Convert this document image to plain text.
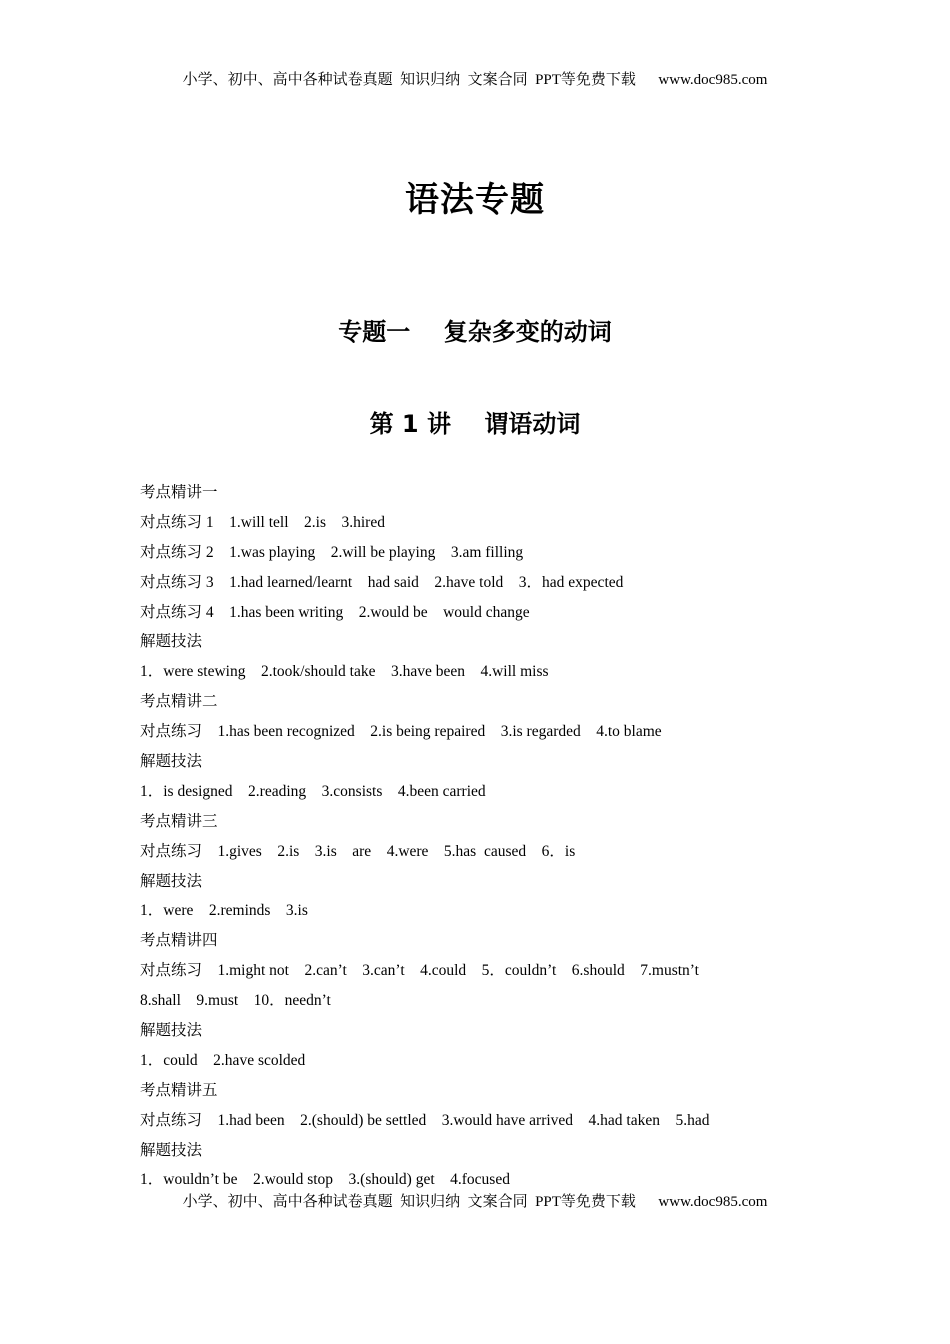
小学、初中、高中各种试卷真题  知识归纳  文案合同  PPT等免费下载      www.doc985.com
语法专题
专题一    复杂多变的动词
第 1 讲    谓语动词
考点精讲一
对点练习 1    1.will tell    2.is    3.hired
对点练习 2    1.was playing    2.will be playing    3.am filling
对点练习 3    1.had learned/learnt    had said    2.have told    3．had expected
对点练习 4    1.has been writing    2.would be    would change
解题技法
1．were stewing    2.took/should take    3.have been    4.will miss
考点精讲二
对点练习    1.has been recognized    2.is being repaired    3.is regarded    4.to blame
解题技法
1．is designed    2.reading    3.consists    4.been carried
考点精讲三
对点练习    1.gives    2.is    3.is    are    4.were    5.has  caused    6．is
解题技法
1．were    2.reminds    3.is
考点精讲四
对点练习    1.might not    2.can’t    3.can’t    4.could    5．couldn’t    6.should    7.mustn’t
8.shall    9.must    10．needn’t
解题技法
1．could    2.have scolded
考点精讲五
对点练习    1.had been    2.(should) be settled    3.would have arrived    4.had taken    5.had
解题技法
1．wouldn’t be    2.would stop    3.(should) get    4.focused
小学、初中、高中各种试卷真题  知识归纳  文案合同  PPT等免费下载      www.doc985.com
